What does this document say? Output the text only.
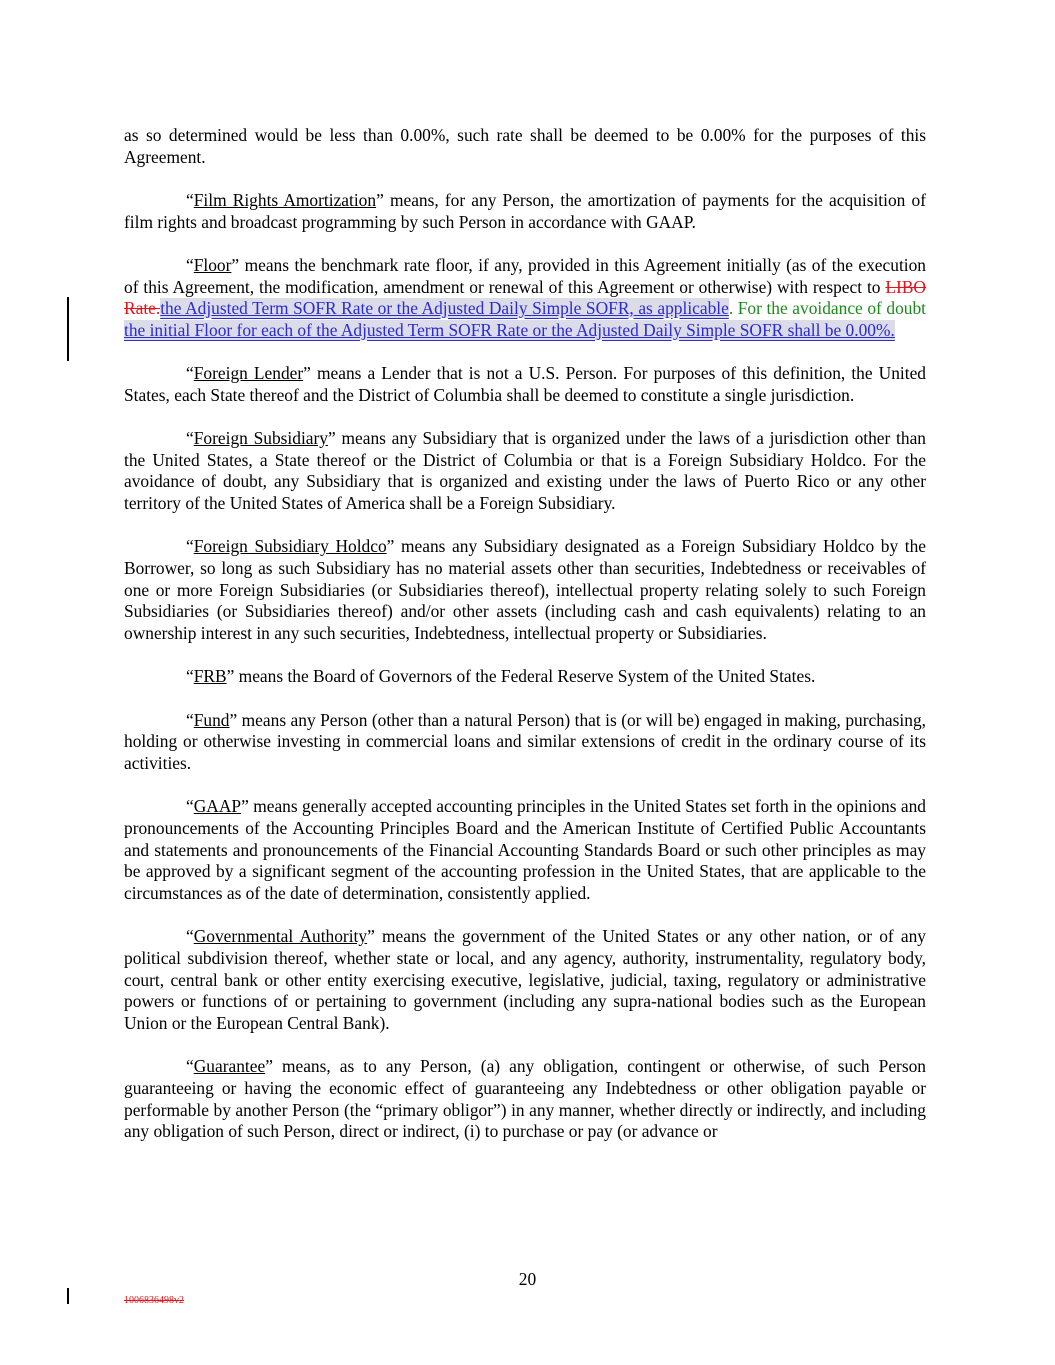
as so determined would be less than 0.00%, such rate shall be deemed to be 0.00% for the purposes of this Agreement.

“Film Rights Amortization” means, for any Person, the amortization of payments for the acquisition of film rights and broadcast programming by such Person in accordance with GAAP.

“Floor” means the benchmark rate floor, if any, provided in this Agreement initially (as of the execution of this Agreement, the modification, amendment or renewal of this Agreement or otherwise) with respect to LIBO Rate.the Adjusted Term SOFR Rate or the Adjusted Daily Simple SOFR, as applicable. For the avoidance of doubt the initial Floor for each of the Adjusted Term SOFR Rate or the Adjusted Daily Simple SOFR shall be 0.00%.

“Foreign Lender” means a Lender that is not a U.S. Person. For purposes of this definition, the United States, each State thereof and the District of Columbia shall be deemed to constitute a single jurisdiction.

“Foreign Subsidiary” means any Subsidiary that is organized under the laws of a jurisdiction other than the United States, a State thereof or the District of Columbia or that is a Foreign Subsidiary Holdco. For the avoidance of doubt, any Subsidiary that is organized and existing under the laws of Puerto Rico or any other territory of the United States of America shall be a Foreign Subsidiary.

“Foreign Subsidiary Holdco” means any Subsidiary designated as a Foreign Subsidiary Holdco by the Borrower, so long as such Subsidiary has no material assets other than securities, Indebtedness or receivables of one or more Foreign Subsidiaries (or Subsidiaries thereof), intellectual property relating solely to such Foreign Subsidiaries (or Subsidiaries thereof) and/or other assets (including cash and cash equivalents) relating to an ownership interest in any such securities, Indebtedness, intellectual property or Subsidiaries.

“FRB” means the Board of Governors of the Federal Reserve System of the United States.

“Fund” means any Person (other than a natural Person) that is (or will be) engaged in making, purchasing, holding or otherwise investing in commercial loans and similar extensions of credit in the ordinary course of its activities.

“GAAP” means generally accepted accounting principles in the United States set forth in the opinions and pronouncements of the Accounting Principles Board and the American Institute of Certified Public Accountants and statements and pronouncements of the Financial Accounting Standards Board or such other principles as may be approved by a significant segment of the accounting profession in the United States, that are applicable to the circumstances as of the date of determination, consistently applied.

“Governmental Authority” means the government of the United States or any other nation, or of any political subdivision thereof, whether state or local, and any agency, authority, instrumentality, regulatory body, court, central bank or other entity exercising executive, legislative, judicial, taxing, regulatory or administrative powers or functions of or pertaining to government (including any supra-national bodies such as the European Union or the European Central Bank).

“Guarantee” means, as to any Person, (a) any obligation, contingent or otherwise, of such Person guaranteeing or having the economic effect of guaranteeing any Indebtedness or other obligation payable or performable by another Person (the “primary obligor”) in any manner, whether directly or indirectly, and including any obligation of such Person, direct or indirect, (i) to purchase or pay (or advance or

20
1006836498v2
